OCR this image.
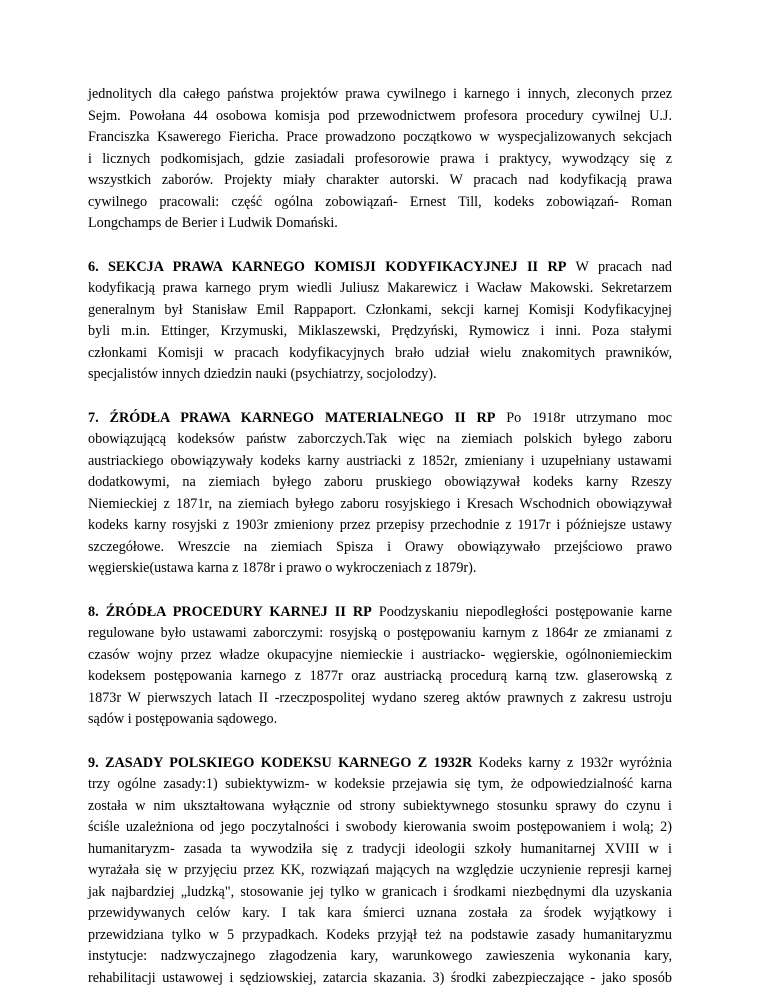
jednolitych dla całego państwa projektów prawa cywilnego i karnego i innych, zleconych przez
Sejm. Powołana 44 osobowa komisja pod przewodnictwem profesora procedury cywilnej U.J.
Franciszka Ksawerego Fiericha. Prace prowadzono początkowo w wyspecjalizowanych sekcjach
i licznych podkomisjach, gdzie zasiadali profesorowie prawa i praktycy, wywodzący się z
wszystkich zaborów. Projekty miały charakter autorski. W pracach nad kodyfikacją prawa
cywilnego pracowali: część ogólna zobowiązań- Ernest Till, kodeks zobowiązań- Roman
Longchamps de Berier i Ludwik Domański.
6. SEKCJA PRAWA KARNEGO KOMISJI KODYFIKACYJNEJ II RP W pracach nad
kodyfikacją prawa karnego prym wiedli Juliusz Makarewicz i Wacław Makowski. Sekretarzem
generalnym był Stanisław Emil Rappaport. Członkami, sekcji karnej Komisji Kodyfikacyjnej
byli m.in. Ettinger, Krzymuski, Miklaszewski, Prędzyński, Rymowicz i inni. Poza stałymi
członkami Komisji w pracach kodyfikacyjnych brało udział wielu znakomitych prawników,
specjalistów innych dziedzin nauki (psychiatrzy, socjolodzy).
7. ŹRÓDŁA PRAWA KARNEGO MATERIALNEGO II RP Po 1918r utrzymano moc
obowiązującą kodeksów państw zaborczych.Tak więc na ziemiach polskich byłego zaboru
austriackiego obowiązywały kodeks karny austriacki z 1852r, zmieniany i uzupełniany ustawami
dodatkowymi, na ziemiach byłego zaboru pruskiego obowiązywał kodeks karny Rzeszy
Niemieckiej z 1871r, na ziemiach byłego zaboru rosyjskiego i Kresach Wschodnich obowiązywał
kodeks karny rosyjski z 1903r zmieniony przez przepisy przechodnie z 1917r i późniejsze ustawy
szczegółowe. Wreszcie na ziemiach Spisza i Orawy obowiązywało przejściowo prawo
węgierskie(ustawa karna z 1878r i prawo o wykroczeniach z 1879r).
8. ŹRÓDŁA PROCEDURY KARNEJ II RP Poodzyskaniu niepodległości postępowanie karne
regulowane było ustawami zaborczymi: rosyjską o postępowaniu karnym z 1864r ze zmianami z
czasów wojny przez władze okupacyjne niemieckie i austriacko- węgierskie, ogólnoniemieckim
kodeksem postępowania karnego z 1877r oraz austriacką procedurą karną tzw. glaserowską z
1873r W pierwszych latach II -rzeczpospolitej wydano szereg aktów prawnych z zakresu ustroju
sądów i postępowania sądowego.
9. ZASADY POLSKIEGO KODEKSU KARNEGO Z 1932R Kodeks karny z 1932r wyróżnia
trzy ogólne zasady:1) subiektywizm- w kodeksie przejawia się tym, że odpowiedzialność karna
została w nim ukształtowana wyłącznie od strony subiektywnego stosunku sprawy do czynu i
ściśle uzależniona od jego poczytalności i swobody kierowania swoim postępowaniem i wolą; 2)
humanitaryzm- zasada ta wywodziła się z tradycji ideologii szkoły humanitarnej XVIII w i
wyrażała się w przyjęciu przez KK, rozwiązań mających na względzie uczynienie represji karnej
jak najbardziej „ludzką", stosowanie jej tylko w granicach i środkami niezbędnymi dla uzyskania
przewidywanych celów kary. I tak kara śmierci uznana została za środek wyjątkowy i
przewidziana tylko w 5 przypadkach. Kodeks przyjął też na podstawie zasady humanitaryzmu
instytucje: nadzwyczajnego złagodzenia kary, warunkowego zawieszenia wykonania kary,
rehabilitacji ustawowej i sędziowskiej, zatarcia skazania. 3) środki zabezpieczające - jako sposób
